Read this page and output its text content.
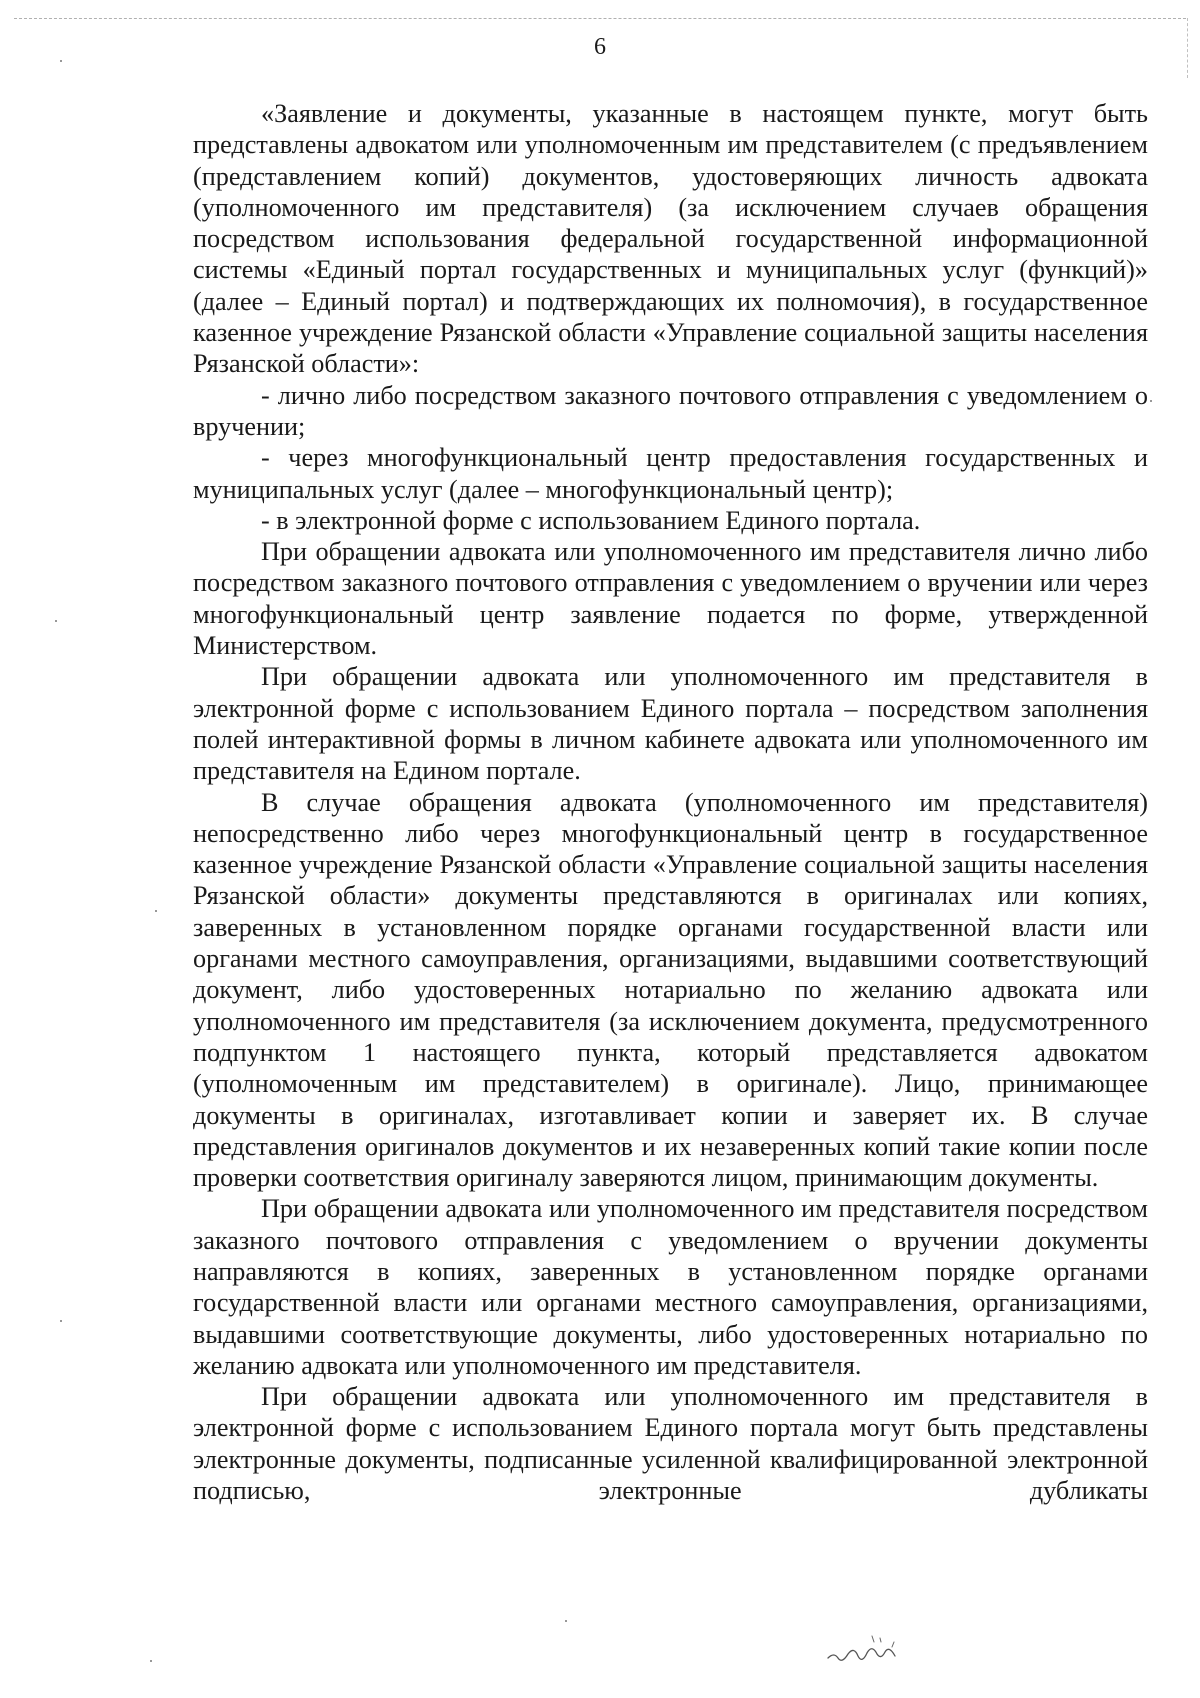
6

«Заявление и документы, указанные в настоящем пункте, могут быть представлены адвокатом или уполномоченным им представителем (с предъявлением (представлением копий) документов, удостоверяющих личность адвоката (уполномоченного им представителя) (за исключением случаев обращения посредством использования федеральной государственной информационной системы «Единый портал государственных и муниципальных услуг (функций)» (далее – Единый портал) и подтверждающих их полномочия), в государственное казенное учреждение Рязанской области «Управление социальной защиты населения Рязанской области»:

- лично либо посредством заказного почтового отправления с уведомлением о вручении;

- через многофункциональный центр предоставления государственных и муниципальных услуг (далее – многофункциональный центр);

- в электронной форме с использованием Единого портала.

При обращении адвоката или уполномоченного им представителя лично либо посредством заказного почтового отправления с уведомлением о вручении или через многофункциональный центр заявление подается по форме, утвержденной Министерством.

При обращении адвоката или уполномоченного им представителя в электронной форме с использованием Единого портала – посредством заполнения полей интерактивной формы в личном кабинете адвоката или уполномоченного им представителя на Едином портале.

В случае обращения адвоката (уполномоченного им представителя) непосредственно либо через многофункциональный центр в государственное казенное учреждение Рязанской области «Управление социальной защиты населения Рязанской области» документы представляются в оригиналах или копиях, заверенных в установленном порядке органами государственной власти или органами местного самоуправления, организациями, выдавшими соответствующий документ, либо удостоверенных нотариально по желанию адвоката или уполномоченного им представителя (за исключением документа, предусмотренного подпунктом 1 настоящего пункта, который представляется адвокатом (уполномоченным им представителем) в оригинале). Лицо, принимающее документы в оригиналах, изготавливает копии и заверяет их. В случае представления оригиналов документов и их незаверенных копий такие копии после проверки соответствия оригиналу заверяются лицом, принимающим документы.

При обращении адвоката или уполномоченного им представителя посредством заказного почтового отправления с уведомлением о вручении документы направляются в копиях, заверенных в установленном порядке органами государственной власти или органами местного самоуправления, организациями, выдавшими соответствующие документы, либо удостоверенных нотариально по желанию адвоката или уполномоченного им представителя.

При обращении адвоката или уполномоченного им представителя в электронной форме с использованием Единого портала могут быть представлены электронные документы, подписанные усиленной квалифицированной электронной подписью, электронные дубликаты
